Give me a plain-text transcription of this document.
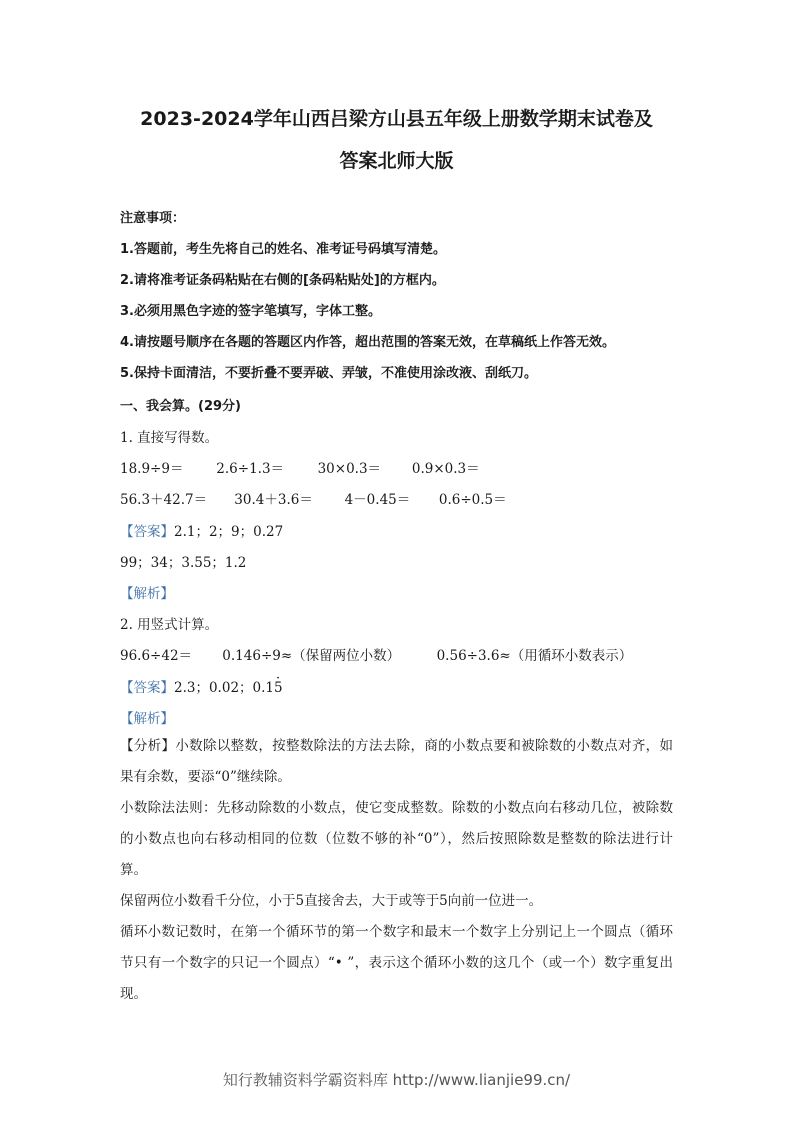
2023-2024学年山西吕梁方山县五年级上册数学期末试卷及
答案北师大版
注意事项：
1.答题前，考生先将自己的姓名、准考证号码填写清楚。
2.请将准考证条码粘贴在右侧的[条码粘贴处]的方框内。
3.必须用黑色字迹的签字笔填写，字体工整。
4.请按题号顺序在各题的答题区内作答，超出范围的答案无效，在草稿纸上作答无效。
5.保持卡面清洁，不要折叠不要弄破、弄皱，不准使用涂改液、刮纸刀。
一、我会算。(29分)
1. 直接写得数。
18.9÷9＝ 2.6÷1.3＝ 30×0.3＝ 0.9×0.3＝
56.3＋42.7＝ 30.4＋3.6＝ 4－0.45＝ 0.6÷0.5＝
【答案】2.1；2；9；0.27
99；34；3.55；1.2
【解析】
2. 用竖式计算。
96.6÷42＝ 0.146÷9≈（保留两位小数）	0.56÷3.6≈（用循环小数表示）
【答案】2.3；0.02；0.15 ·
【解析】
【分析】小数除以整数，按整数除法的方法去除，商的小数点要和被除数的小数点对齐，如果有余数，要添“0”继续除。
小数除法法则：先移动除数的小数点，使它变成整数。除数的小数点向右移动几位，被除数的小数点也向右移动相同的位数（位数不够的补“0”），然后按照除数是整数的除法进行计算。
保留两位小数看千分位，小于5直接舍去，大于或等于5向前一位进一。
循环小数记数时，在第一个循环节的第一个数字和最末一个数字上分别记上一个圆点（循环节只有一个数字的只记一个圆点）“• ”，表示这个循环小数的这几个（或一个）数字重复出现。
知行教辅资料学霸资料库 http://www.lianjie99.cn/
